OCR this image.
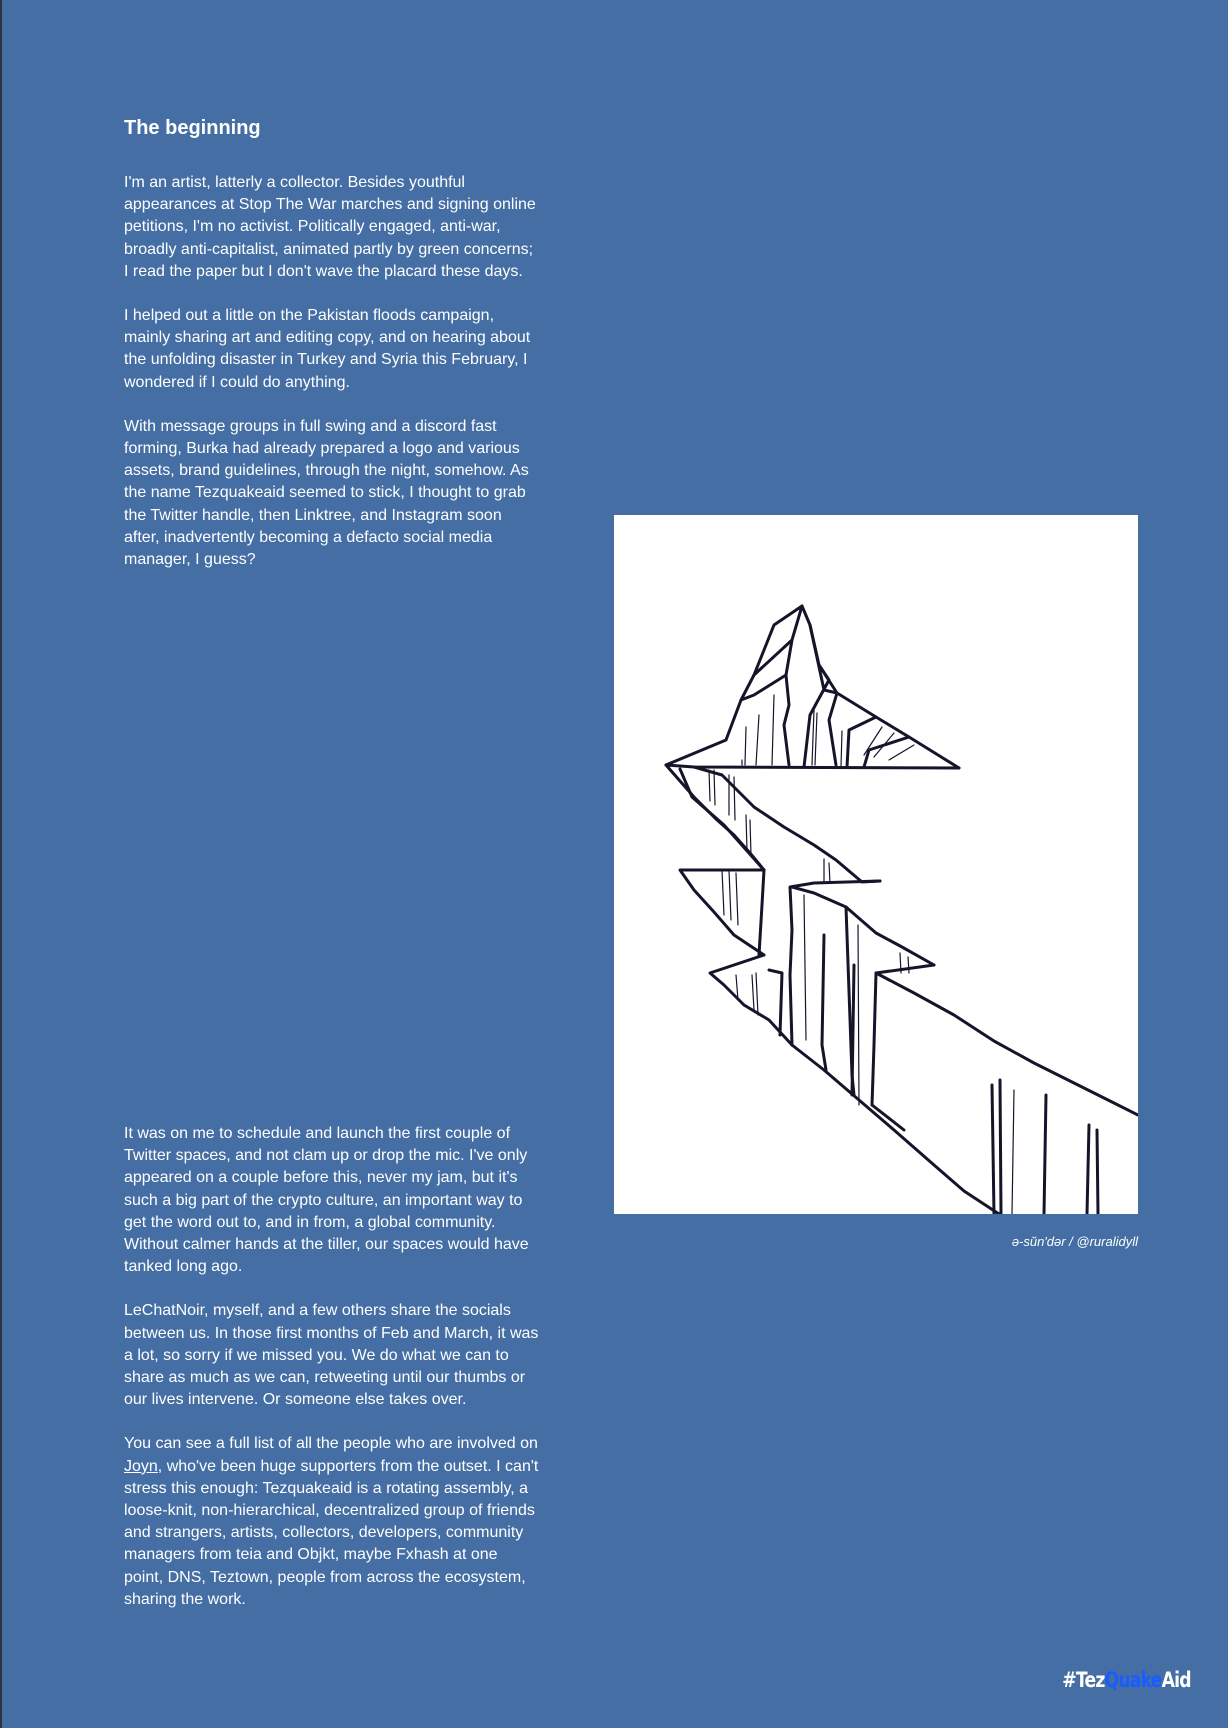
The beginning

I'm an artist, latterly a collector. Besides youthful appearances at Stop The War marches and signing online petitions, I'm no activist. Politically engaged, anti-war, broadly anti-capitalist, animated partly by green concerns; I read the paper but I don't wave the placard these days.

I helped out a little on the Pakistan floods campaign, mainly sharing art and editing copy, and on hearing about the unfolding disaster in Turkey and Syria this February, I wondered if I could do anything.

With message groups in full swing and a discord fast forming, Burka had already prepared a logo and various assets, brand guidelines, through the night, somehow. As the name Tezquakeaid seemed to stick, I thought to grab the Twitter handle, then Linktree, and Instagram soon after, inadvertently becoming a defacto social media manager, I guess?

It was on me to schedule and launch the first couple of Twitter spaces, and not clam up or drop the mic. I've only appeared on a couple before this, never my jam, but it's such a big part of the crypto culture, an important way to get the word out to, and in from, a global community. Without calmer hands at the tiller, our spaces would have tanked long ago.

LeChatNoir, myself, and a few others share the socials between us. In those first months of Feb and March, it was a lot, so sorry if we missed you. We do what we can to share as much as we can, retweeting until our thumbs or our lives intervene. Or someone else takes over.

You can see a full list of all the people who are involved on Joyn, who've been huge supporters from the outset. I can't stress this enough: Tezquakeaid is a rotating assembly, a loose-knit, non-hierarchical, decentralized group of friends and strangers, artists, collectors, developers, community managers from teia and Objkt, maybe Fxhash at one point, DNS, Teztown, people from across the ecosystem, sharing the work.

ə-sŭn′dər / @ruralidyll
#TezQuakeAid
